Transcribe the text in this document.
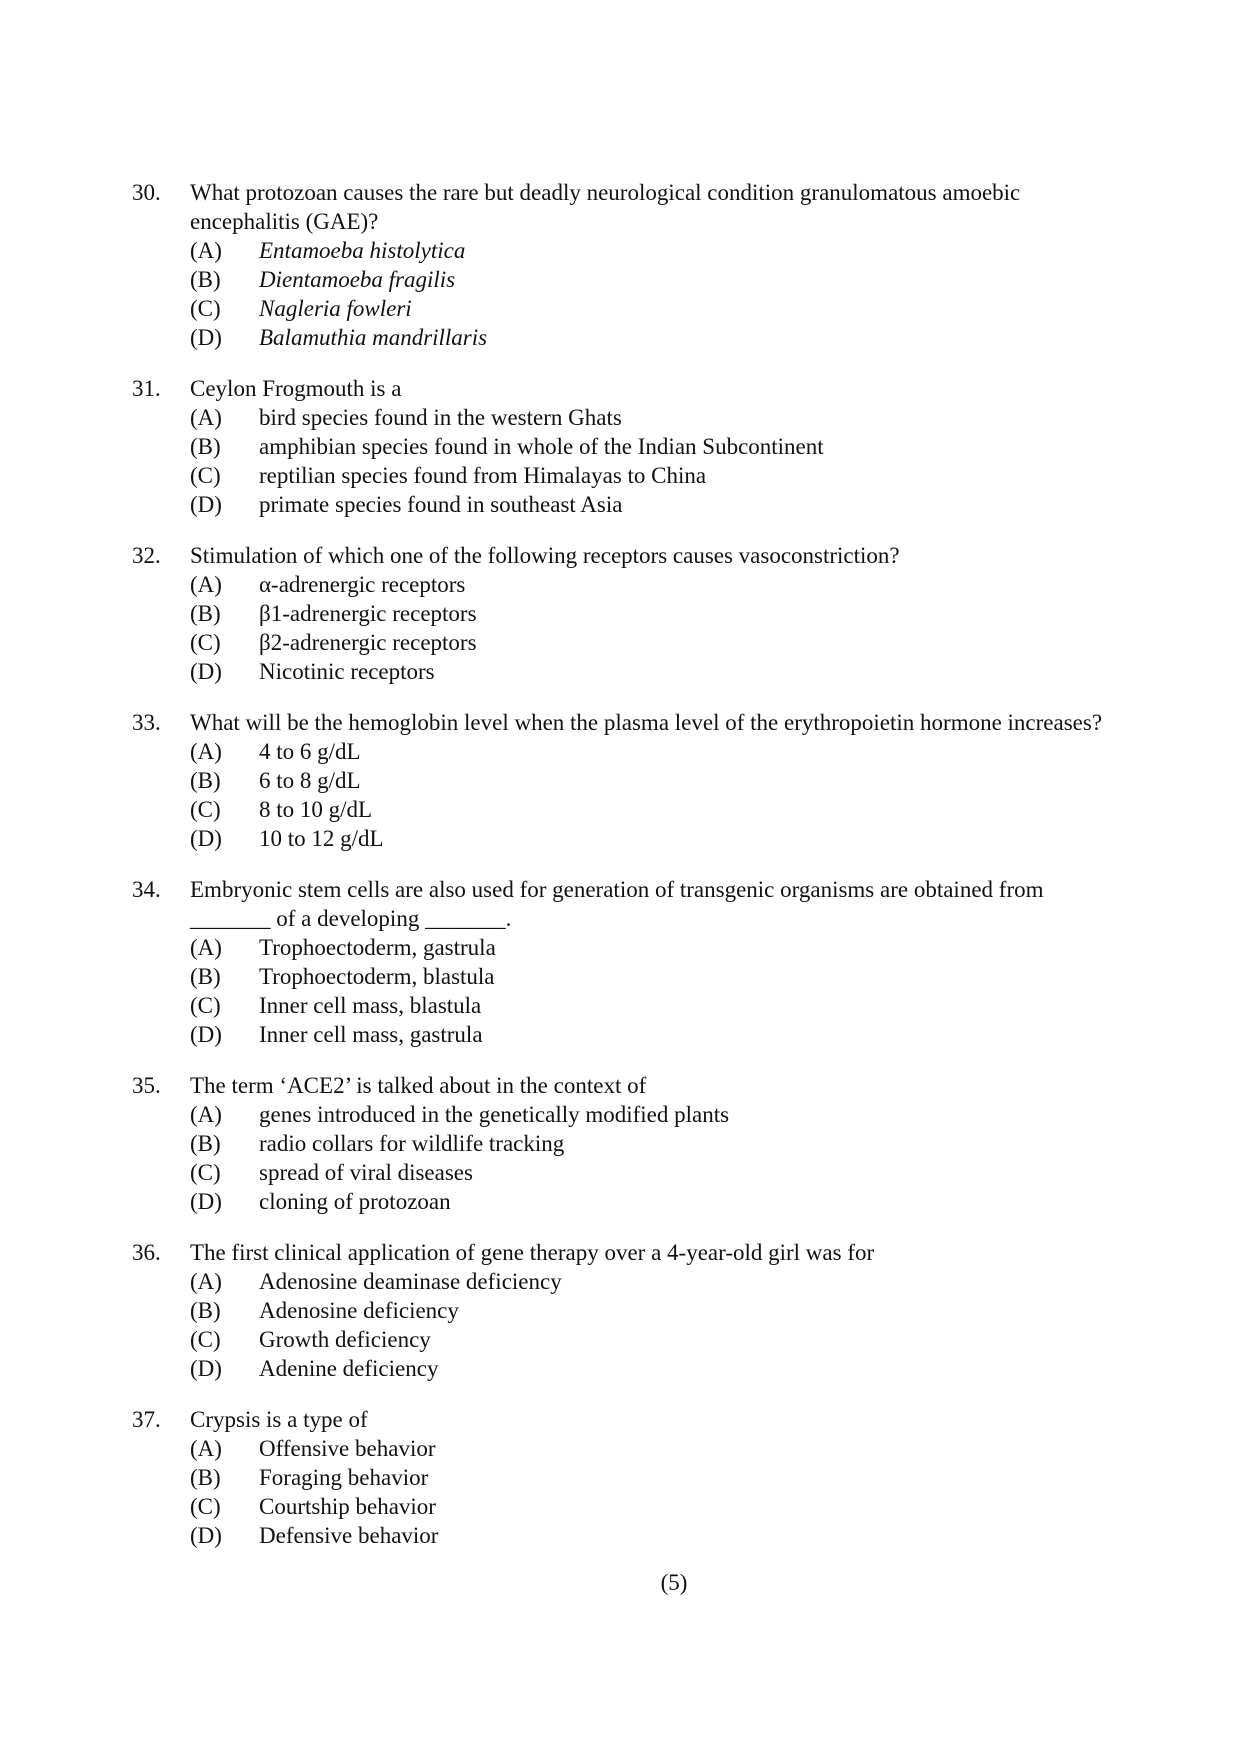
30.	What protozoan causes the rare but deadly neurological condition granulomatous amoebic encephalitis (GAE)?
(A)	Entamoeba histolytica
(B)	Dientamoeba fragilis
(C)	Nagleria fowleri
(D)	Balamuthia mandrillaris
31.	Ceylon Frogmouth is a
(A)	bird species found in the western Ghats
(B)	amphibian species found in whole of the Indian Subcontinent
(C)	reptilian species found from Himalayas to China
(D)	primate species found in southeast Asia
32.	Stimulation of which one of the following receptors causes vasoconstriction?
(A)	α-adrenergic receptors
(B)	β1-adrenergic receptors
(C)	β2-adrenergic receptors
(D)	Nicotinic receptors
33.	What will be the hemoglobin level when the plasma level of the erythropoietin hormone increases?
(A)	4 to 6 g/dL
(B)	6 to 8 g/dL
(C)	8 to 10 g/dL
(D)	10 to 12 g/dL
34.	Embryonic stem cells are also used for generation of transgenic organisms are obtained from _______ of a developing _______.
(A)	Trophoectoderm, gastrula
(B)	Trophoectoderm, blastula
(C)	Inner cell mass, blastula
(D)	Inner cell mass, gastrula
35.	The term ‘ACE2’ is talked about in the context of
(A)	genes introduced in the genetically modified plants
(B)	radio collars for wildlife tracking
(C)	spread of viral diseases
(D)	cloning of protozoan
36.	The first clinical application of gene therapy over a 4-year-old girl was for
(A)	Adenosine deaminase deficiency
(B)	Adenosine deficiency
(C)	Growth deficiency
(D)	Adenine deficiency
37.	Crypsis is a type of
(A)	Offensive behavior
(B)	Foraging behavior
(C)	Courtship behavior
(D)	Defensive behavior
(5)
